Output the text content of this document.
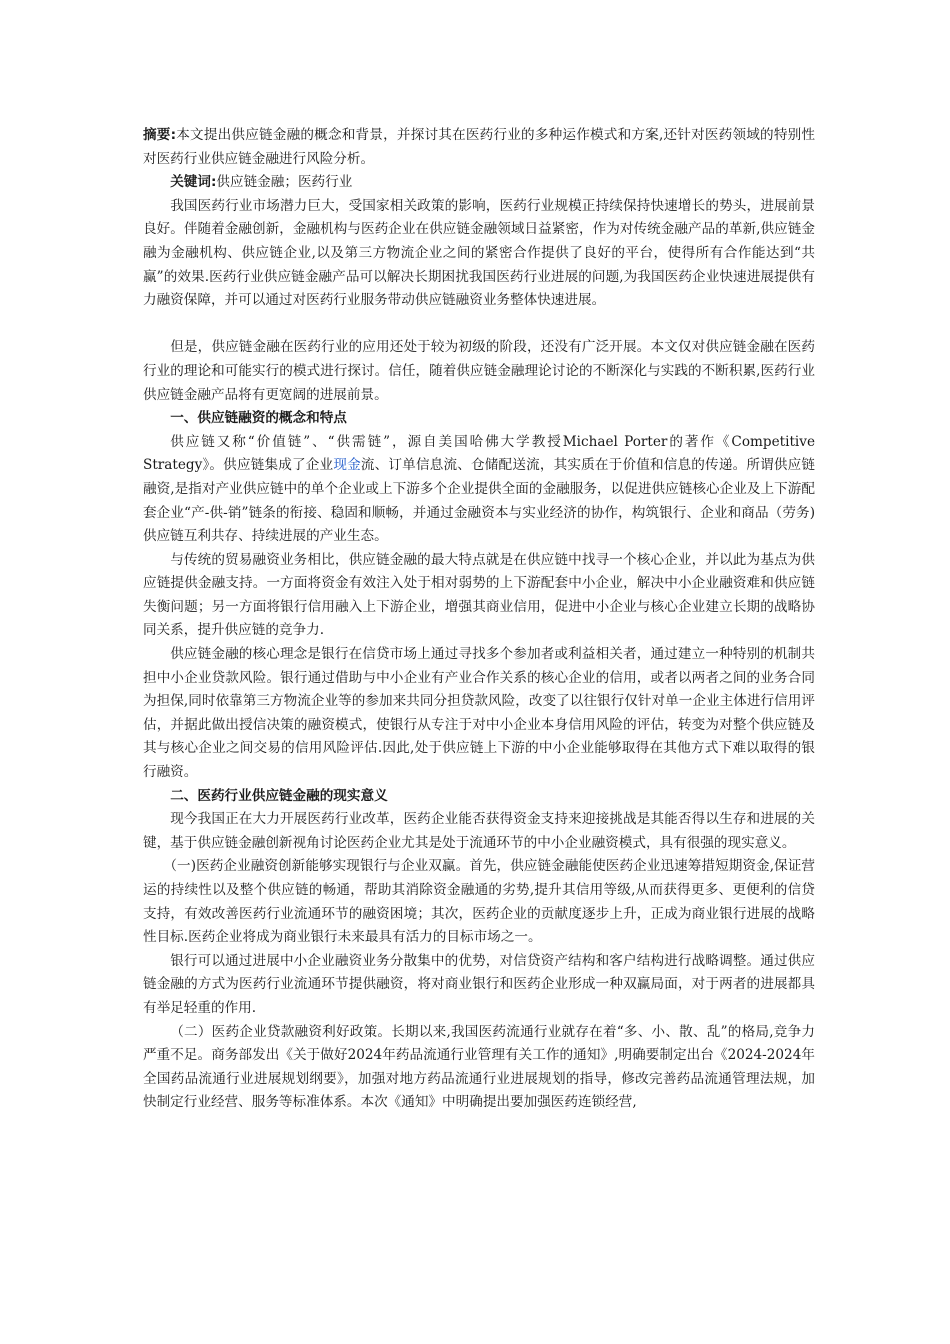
摘要:本文提出供应链金融的概念和背景，并探讨其在医药行业的多种运作模式和方案,还针对医药领域的特别性对医药行业供应链金融进行风险分析。

关键词:供应链金融；医药行业

我国医药行业市场潜力巨大，受国家相关政策的影响，医药行业规模正持续保持快速增长的势头，进展前景良好。伴随着金融创新，金融机构与医药企业在供应链金融领域日益紧密，作为对传统金融产品的革新,供应链金融为金融机构、供应链企业,以及第三方物流企业之间的紧密合作提供了良好的平台，使得所有合作能达到“共赢”的效果.医药行业供应链金融产品可以解决长期困扰我国医药行业进展的问题,为我国医药企业快速进展提供有力融资保障，并可以通过对医药行业服务带动供应链融资业务整体快速进展。

但是，供应链金融在医药行业的应用还处于较为初级的阶段，还没有广泛开展。本文仅对供应链金融在医药行业的理论和可能实行的模式进行探讨。信任，随着供应链金融理论讨论的不断深化与实践的不断积累,医药行业供应链金融产品将有更宽阔的进展前景。

一、供应链融资的概念和特点

供应链又称“价值链”、“供需链”，源自美国哈佛大学教授Michael Porter的著作《Competitive Strategy》。供应链集成了企业现金流、订单信息流、仓储配送流，其实质在于价值和信息的传递。所谓供应链融资,是指对产业供应链中的单个企业或上下游多个企业提供全面的金融服务，以促进供应链核心企业及上下游配套企业“产-供-销”链条的衔接、稳固和顺畅，并通过金融资本与实业经济的协作，构筑银行、企业和商品（劳务)供应链互利共存、持续进展的产业生态。

与传统的贸易融资业务相比，供应链金融的最大特点就是在供应链中找寻一个核心企业，并以此为基点为供应链提供金融支持。一方面将资金有效注入处于相对弱势的上下游配套中小企业，解决中小企业融资难和供应链失衡问题；另一方面将银行信用融入上下游企业，增强其商业信用，促进中小企业与核心企业建立长期的战略协同关系，提升供应链的竞争力.

供应链金融的核心理念是银行在信贷市场上通过寻找多个参加者或利益相关者，通过建立一种特别的机制共担中小企业贷款风险。银行通过借助与中小企业有产业合作关系的核心企业的信用，或者以两者之间的业务合同为担保,同时依靠第三方物流企业等的参加来共同分担贷款风险，改变了以往银行仅针对单一企业主体进行信用评估，并据此做出授信决策的融资模式，使银行从专注于对中小企业本身信用风险的评估，转变为对整个供应链及其与核心企业之间交易的信用风险评估.因此,处于供应链上下游的中小企业能够取得在其他方式下难以取得的银行融资。

二、医药行业供应链金融的现实意义

现今我国正在大力开展医药行业改革，医药企业能否获得资金支持来迎接挑战是其能否得以生存和进展的关键，基于供应链金融创新视角讨论医药企业尤其是处于流通环节的中小企业融资模式，具有很强的现实意义。

（一)医药企业融资创新能够实现银行与企业双赢。首先，供应链金融能使医药企业迅速筹措短期资金,保证营运的持续性以及整个供应链的畅通，帮助其消除资金融通的劣势,提升其信用等级,从而获得更多、更便利的信贷支持，有效改善医药行业流通环节的融资困境；其次，医药企业的贡献度逐步上升，正成为商业银行进展的战略性目标.医药企业将成为商业银行未来最具有活力的目标市场之一。

银行可以通过进展中小企业融资业务分散集中的优势，对信贷资产结构和客户结构进行战略调整。通过供应链金融的方式为医药行业流通环节提供融资，将对商业银行和医药企业形成一种双赢局面，对于两者的进展都具有举足轻重的作用.

（二）医药企业贷款融资利好政策。长期以来,我国医药流通行业就存在着“多、小、散、乱”的格局,竞争力严重不足。商务部发出《关于做好2024年药品流通行业管理有关工作的通知》,明确要制定出台《2024-2024年全国药品流通行业进展规划纲要》，加强对地方药品流通行业进展规划的指导，修改完善药品流通管理法规，加快制定行业经营、服务等标准体系。本次《通知》中明确提出要加强医药连锁经营,
